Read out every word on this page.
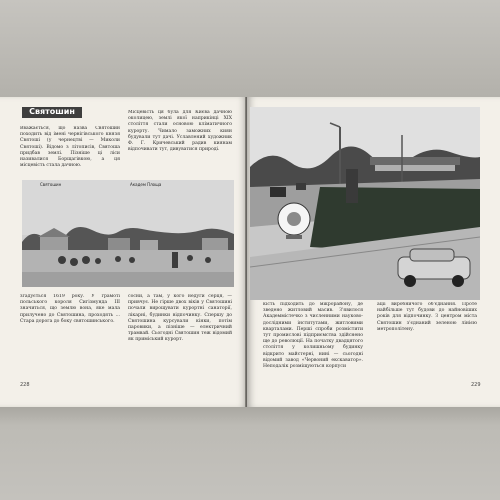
Святошин

Вважається, що назва Святошин походить від імені чернігівського князя Святоші (у чернецтві — Миколи Святоші). Відомо з літописів, Святоша придбав землі. Пізніше ці ліси називалися Борщагівкою, а ця місцевість стала дачною.

Місцевість ця була для Києва дачною околицею, землі якої наприкінці XIX століття стали основою кліматичного курорту. Чимало заможних киян будували тут дачі. Уславлений художник Ф. Г. Кричевський радив киянам відпочивати тут, дивуватися природі.

Святошин	Академ Площа

згадується 1619 року. У грамоті польського короля Сигізмунда III значиться, що землю вона, яке мала прилучено до Святошина, проходять ... Стара дорога до боку святошинського.

сосни, а там, у кого недуги серця, — привчує. Не гірше двох віків у Святошині почали вирощувати курортні санаторії, лікарні, будинки відпочинку. Спершу до Святошина курсували кінки, потім паровики, а пізніше — електричний трамвай. Сьогодні Святошин теж відомий як приміський курорт.

228

кість підходить до мікрорайону, де зведено житловий масив. З'явилося Академмістечко з численними науково-дослідними інститутами, житловими кварталами. Перші спроби розмістити тут промислові підприємства здійснено ще до революції. На початку двадцятого століття у колишньому будинку відкрито майстерні, нині — сьогодні відомий завод «Червоний екскаватор». Неподалік розміщуються корпуси

ації виробничого об'єднання. Проте найбільше тут будови до найновіших років для відпочинку. З центром міста Святошин з'єднаний зеленою лінією метрополітену.

229
